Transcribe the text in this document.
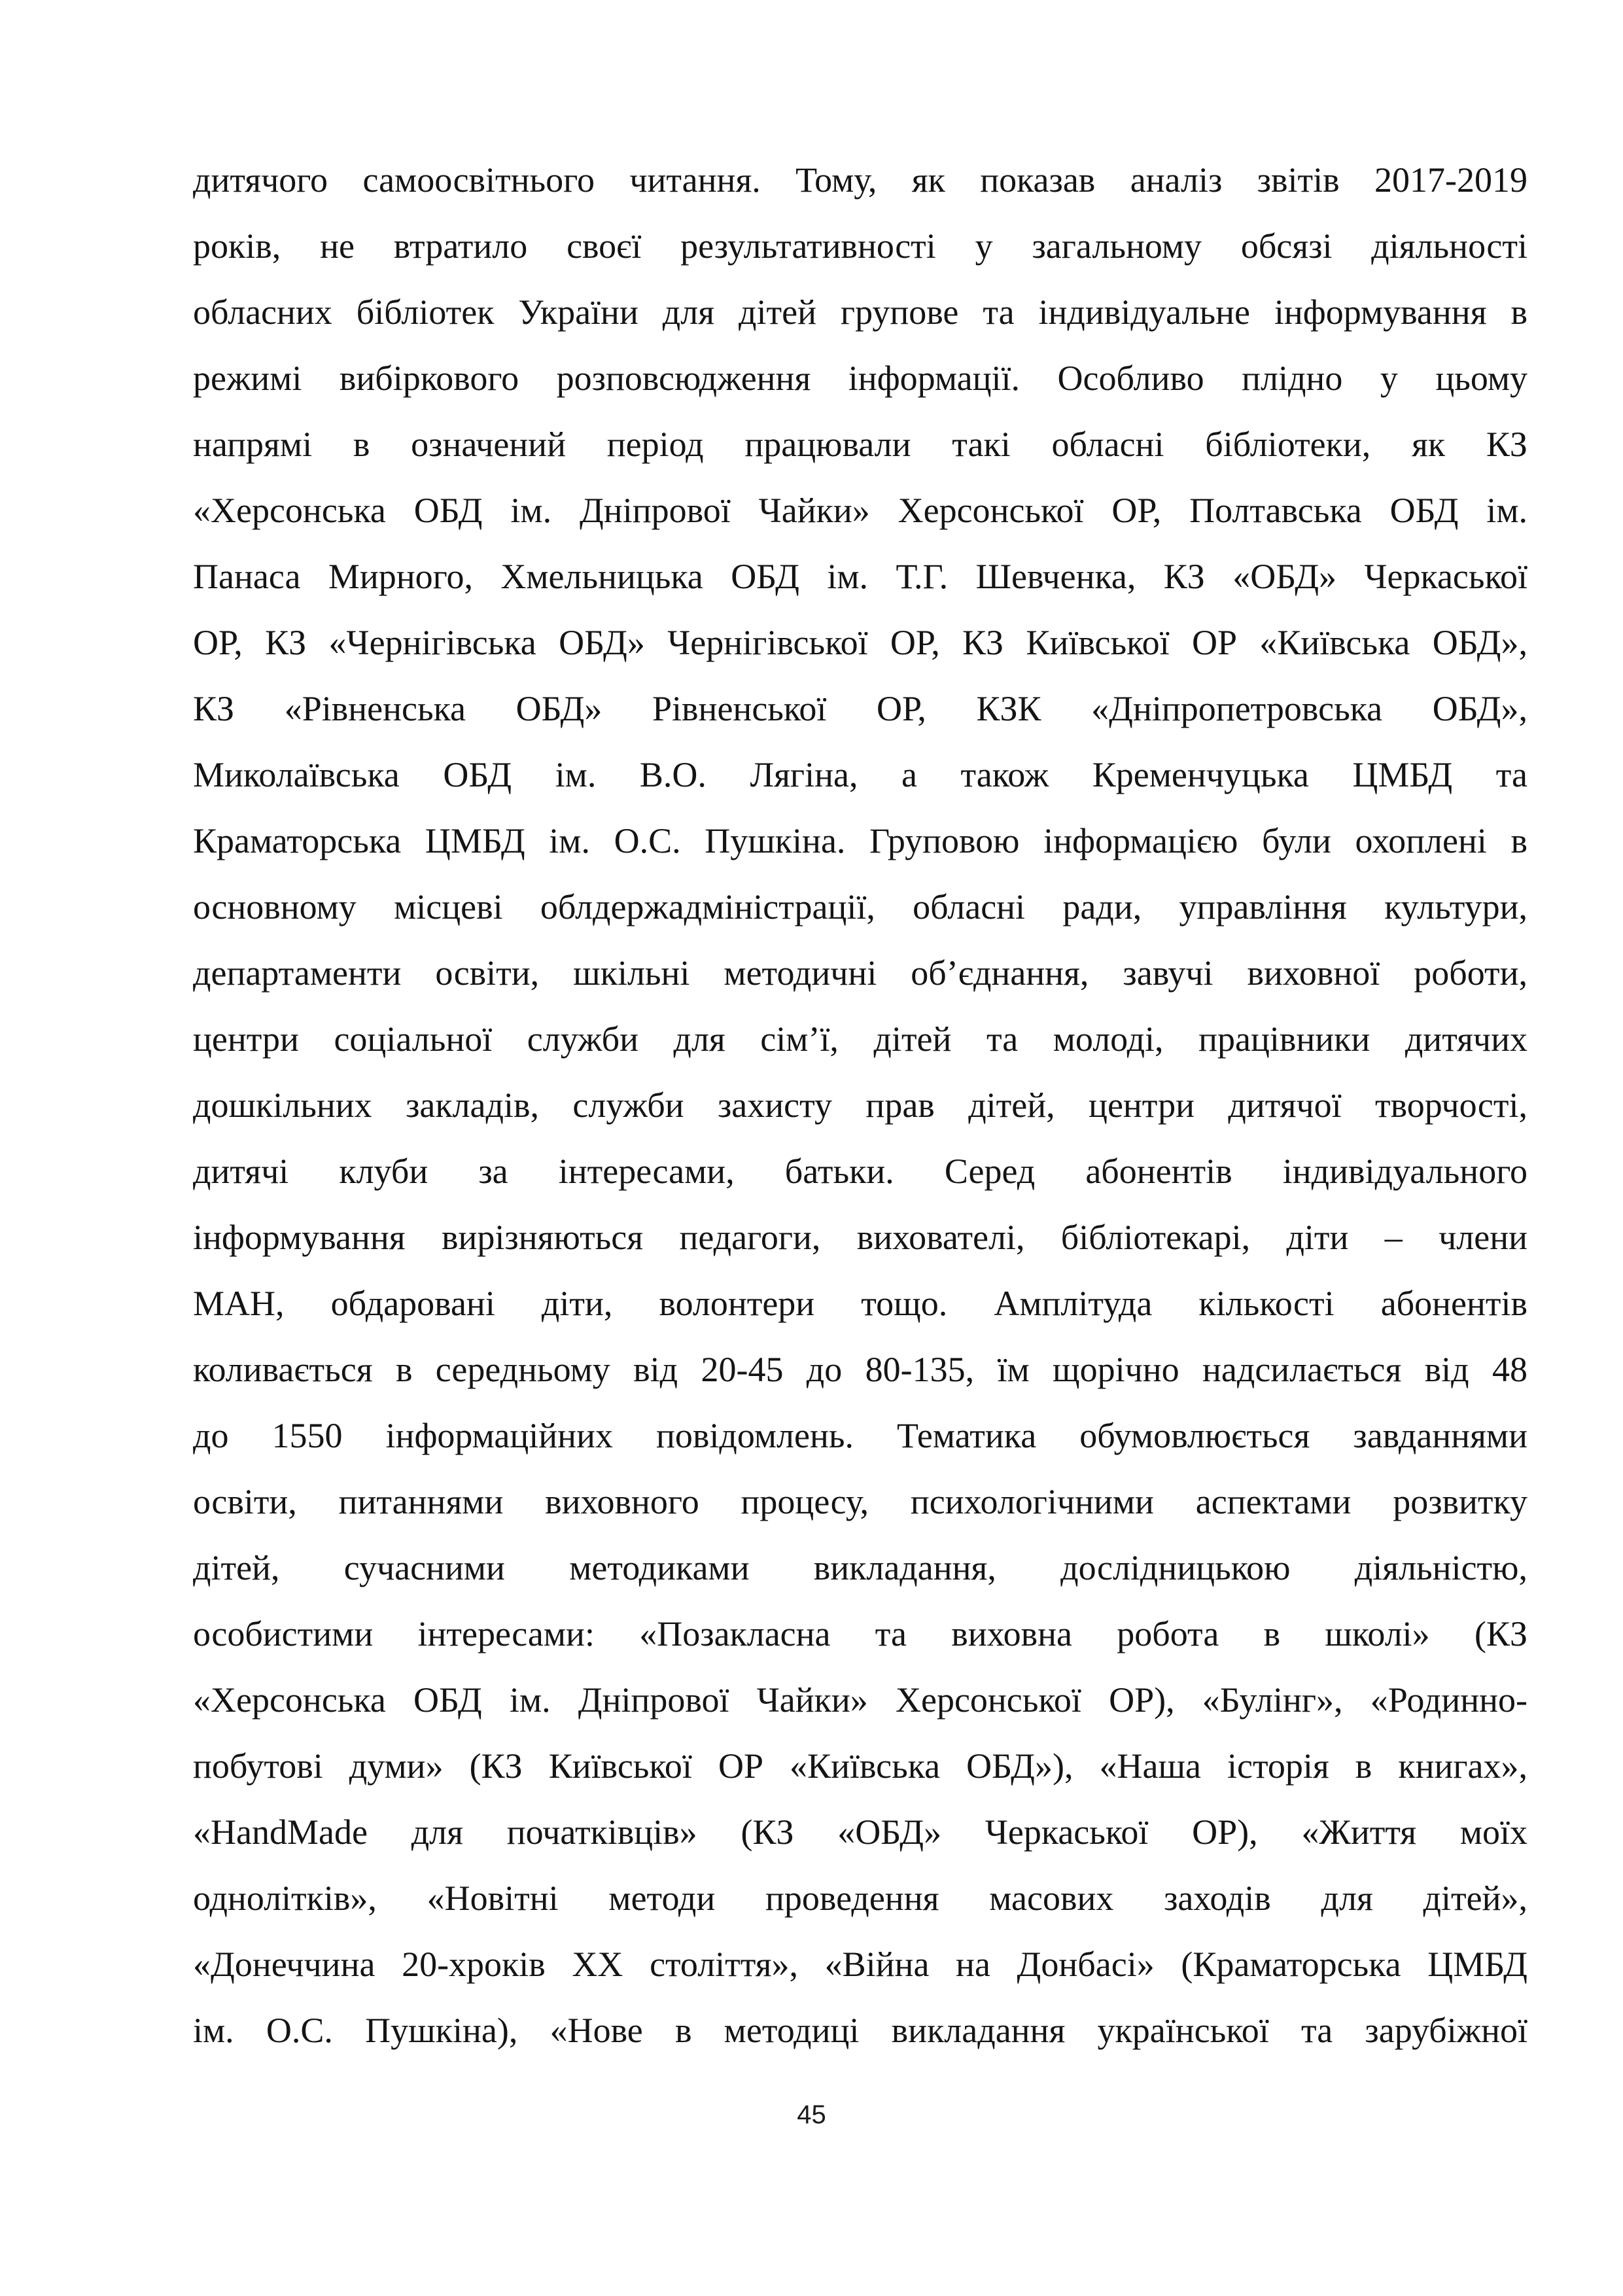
дитячого самоосвітнього читання. Тому, як показав аналіз звітів 2017-2019
років, не втратило своєї результативності у загальному обсязі діяльності
обласних бібліотек України для дітей групове та індивідуальне інформування в
режимі вибіркового розповсюдження інформації. Особливо плідно у цьому
напрямі в означений період працювали такі обласні бібліотеки, як КЗ
«Херсонська ОБД ім. Дніпрової Чайки» Херсонської ОР, Полтавська ОБД ім.
Панаса Мирного, Хмельницька ОБД ім. Т.Г. Шевченка, КЗ «ОБД» Черкаської
ОР, КЗ «Чернігівська ОБД» Чернігівської ОР, КЗ Київської ОР «Київська ОБД»,
КЗ «Рівненська ОБД» Рівненської ОР, КЗК «Дніпропетровська ОБД»,
Миколаївська ОБД ім. В.О. Лягіна, а також Кременчуцька ЦМБД та
Краматорська ЦМБД ім. О.С. Пушкіна. Груповою інформацією були охоплені в
основному місцеві облдержадміністрації, обласні ради, управління культури,
департаменти освіти, шкільні методичні об’єднання, завучі виховної роботи,
центри соціальної служби для сім’ї, дітей та молоді, працівники дитячих
дошкільних закладів, служби захисту прав дітей, центри дитячої творчості,
дитячі клуби за інтересами, батьки. Серед абонентів індивідуального
інформування вирізняються педагоги, вихователі, бібліотекарі, діти – члени
МАН, обдаровані діти, волонтери тощо. Амплітуда кількості абонентів
коливається в середньому від 20-45 до 80-135, їм щорічно надсилається від 48
до 1550 інформаційних повідомлень. Тематика обумовлюється завданнями
освіти, питаннями виховного процесу, психологічними аспектами розвитку
дітей, сучасними методиками викладання, дослідницькою діяльністю,
особистими інтересами: «Позакласна та виховна робота в школі» (КЗ
«Херсонська ОБД ім. Дніпрової Чайки» Херсонської ОР), «Булінг», «Родинно-
побутові думи» (КЗ Київської ОР «Київська ОБД»), «Наша історія в книгах»,
«HandMade для початківців» (КЗ «ОБД» Черкаської ОР), «Життя моїх
однолітків», «Новітні методи проведення масових заходів для дітей»,
«Донеччина 20-хроків ХХ століття», «Війна на Донбасі» (Краматорська ЦМБД
ім. О.С. Пушкіна), «Нове в методиці викладання української та зарубіжної
45
